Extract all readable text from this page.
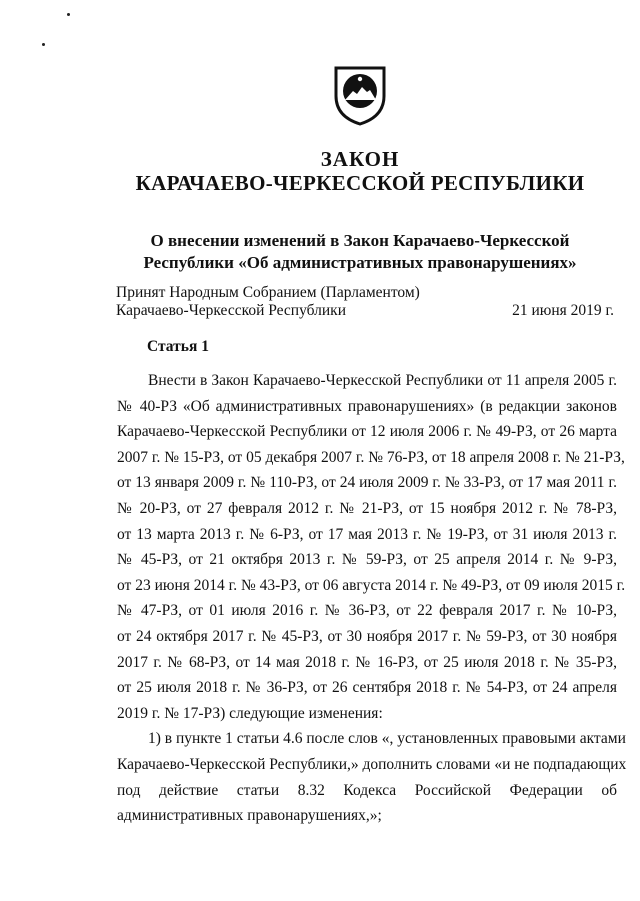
ЗАКОН
КАРАЧАЕВО-ЧЕРКЕССКОЙ РЕСПУБЛИКИ
О внесении изменений в Закон Карачаево-Черкесской
Республики «Об административных правонарушениях»
Принят Народным Собранием (Парламентом)
Карачаево-Черкесской Республики	21 июня 2019 г.
Статья 1
Внести в Закон Карачаево-Черкесской Республики от 11 апреля 2005 г.
№ 40-РЗ «Об административных правонарушениях» (в редакции законов
Карачаево-Черкесской Республики от 12 июля 2006 г. № 49-РЗ, от 26 марта
2007 г. № 15-РЗ, от 05 декабря 2007 г. № 76-РЗ, от 18 апреля 2008 г. № 21-РЗ,
от 13 января 2009 г. № 110-РЗ, от 24 июля 2009 г. № 33-РЗ, от 17 мая 2011 г.
№ 20-РЗ, от 27 февраля 2012 г. № 21-РЗ, от 15 ноября 2012 г. № 78-РЗ,
от 13 марта 2013 г. № 6-РЗ, от 17 мая 2013 г. № 19-РЗ, от 31 июля 2013 г.
№ 45-РЗ, от 21 октября 2013 г. № 59-РЗ, от 25 апреля 2014 г. № 9-РЗ,
от 23 июня 2014 г. № 43-РЗ, от 06 августа 2014 г. № 49-РЗ, от 09 июля 2015 г.
№ 47-РЗ, от 01 июля 2016 г. № 36-РЗ, от 22 февраля 2017 г. № 10-РЗ,
от 24 октября 2017 г. № 45-РЗ, от 30 ноября 2017 г. № 59-РЗ, от 30 ноября
2017 г. № 68-РЗ, от 14 мая 2018 г. № 16-РЗ, от 25 июля 2018 г. № 35-РЗ,
от 25 июля 2018 г. № 36-РЗ, от 26 сентября 2018 г. № 54-РЗ, от 24 апреля
2019 г. № 17-РЗ) следующие изменения:
1) в пункте 1 статьи 4.6 после слов «, установленных правовыми актами
Карачаево-Черкесской Республики,» дополнить словами «и не подпадающих
под действие статьи 8.32 Кодекса Российской Федерации об
административных правонарушениях,»;
